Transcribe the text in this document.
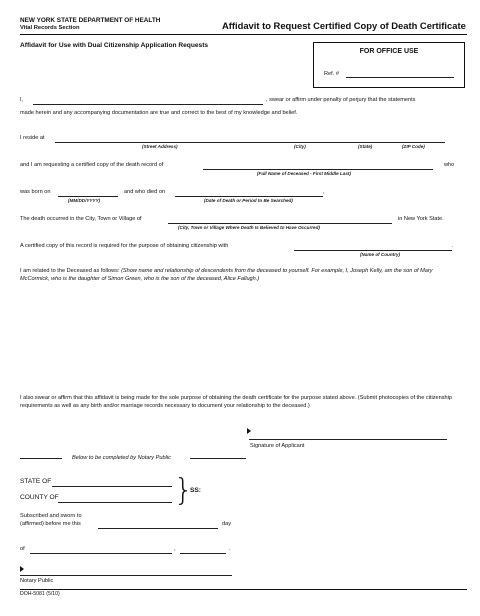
NEW YORK STATE DEPARTMENT OF HEALTH
Vital Records Section	Affidavit to Request Certified Copy of Death Certificate
Affidavit for Use with Dual Citizenship Application Requests
FOR OFFICE USE
Ref. #
I,	, swear or affirm under penalty of perjury that the statements
made herein and any accompanying documentation are true and correct to the best of my knowledge and belief.
I reside at
(Street Address)	(City)	(State)	(ZIP Code)
and I am requesting a certified copy of the death record of	who
(Full Name of Deceased - First Middle Last)
was born on	and who died on	,
(MM/DD/YYYY)	(Date of Death or Period to Be Searched)
The death occurred in the City, Town or Village of	in New York State.
(City, Town or Village Where Death Is Believed to Have Occurred)
A certified copy of this record is required for the purpose of obtaining citizenship with	.
(Name of Country)
I am related to the Deceased as follows: (Show name and relationship of descendents from the deceased to yourself. For example, I, Joseph Kelly, am the son of Mary McCormick, who is the daughter of Simon Green, who is the son of the deceased, Alice Fallugh.)
I also swear or affirm that this affidavit is being made for the sole purpose of obtaining the death certificate for the purpose stated above. (Submit photocopies of the citizenship requirements as well as any birth and/or marriage records necessary to document your relationship to the deceased.)
Signature of Applicant
Below to be completed by Notary Public
STATE OF
COUNTY OF	}
SS:
Subscribed and sworn to
(affirmed) before me this	day
of	,	.
Notary Public
DOH-5081 (5/10)
